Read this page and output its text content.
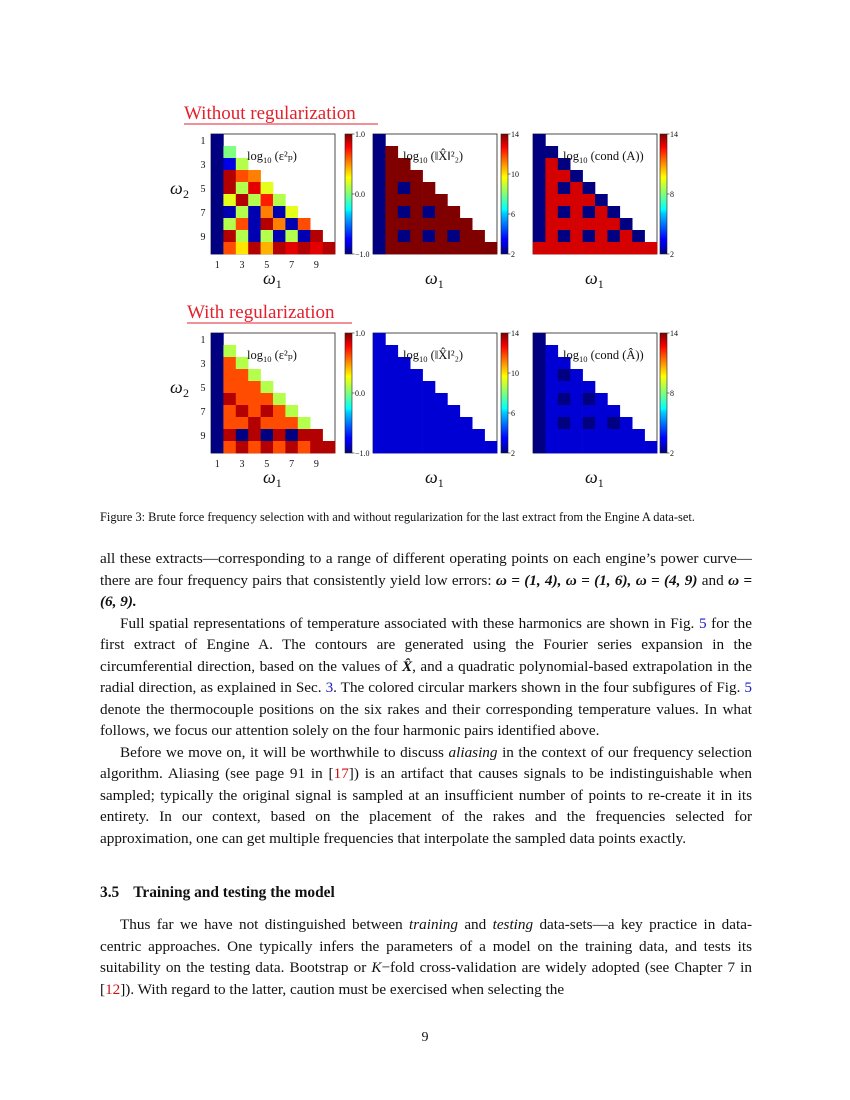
Without regularization
ω 2
$\log_{10} (\varepsilon^2_p)$
1
1
3
3
5
5
7
7
9
9
$\omega_1$
1.0
0.0
−1.0
$\log_{10}$ (‖X̂‖²₂)
$\omega_1$
14
10
6
2
$\log_{10}$ (cond (A))
$\omega_1$
14
8
2
With regularization
ω 2
$\log_{10} (\varepsilon^2_p)$
1
1
3
3
5
5
7
7
9
9
$\omega_1$
1.0
0.0
−1.0
$\log_{10}$ (‖X̂‖²₂)
$\omega_1$
14
10
6
2
$\log_{10}$ (cond (Â))
$\omega_1$
14
8
2
Figure 3: Brute force frequency selection with and without regularization for the last extract from the Engine A data-set.

all these extracts—corresponding to a range of different operating points on each engine’s power curve—there are four frequency pairs that consistently yield low errors: ω = (1, 4), ω = (1, 6), ω = (4, 9) and ω = (6, 9).

Full spatial representations of temperature associated with these harmonics are shown in Fig. 5 for the first extract of Engine A. The contours are generated using the Fourier series expansion in the circumferential direction, based on the values of X̂, and a quadratic polynomial-based extrapolation in the radial direction, as explained in Sec. 3. The colored circular markers shown in the four subfigures of Fig. 5 denote the thermocouple positions on the six rakes and their corresponding temperature values. In what follows, we focus our attention solely on the four harmonic pairs identified above.

Before we move on, it will be worthwhile to discuss aliasing in the context of our frequency selection algorithm. Aliasing (see page 91 in [17]) is an artifact that causes signals to be indistinguishable when sampled; typically the original signal is sampled at an insufficient number of points to re-create it in its entirety. In our context, based on the placement of the rakes and the frequencies selected for approximation, one can get multiple frequencies that interpolate the sampled data points exactly.

3.5 Training and testing the model

Thus far we have not distinguished between training and testing data-sets—a key practice in data-centric approaches. One typically infers the parameters of a model on the training data, and tests its suitability on the testing data. Bootstrap or K−fold cross-validation are widely adopted (see Chapter 7 in [12]). With regard to the latter, caution must be exercised when selecting the

9
